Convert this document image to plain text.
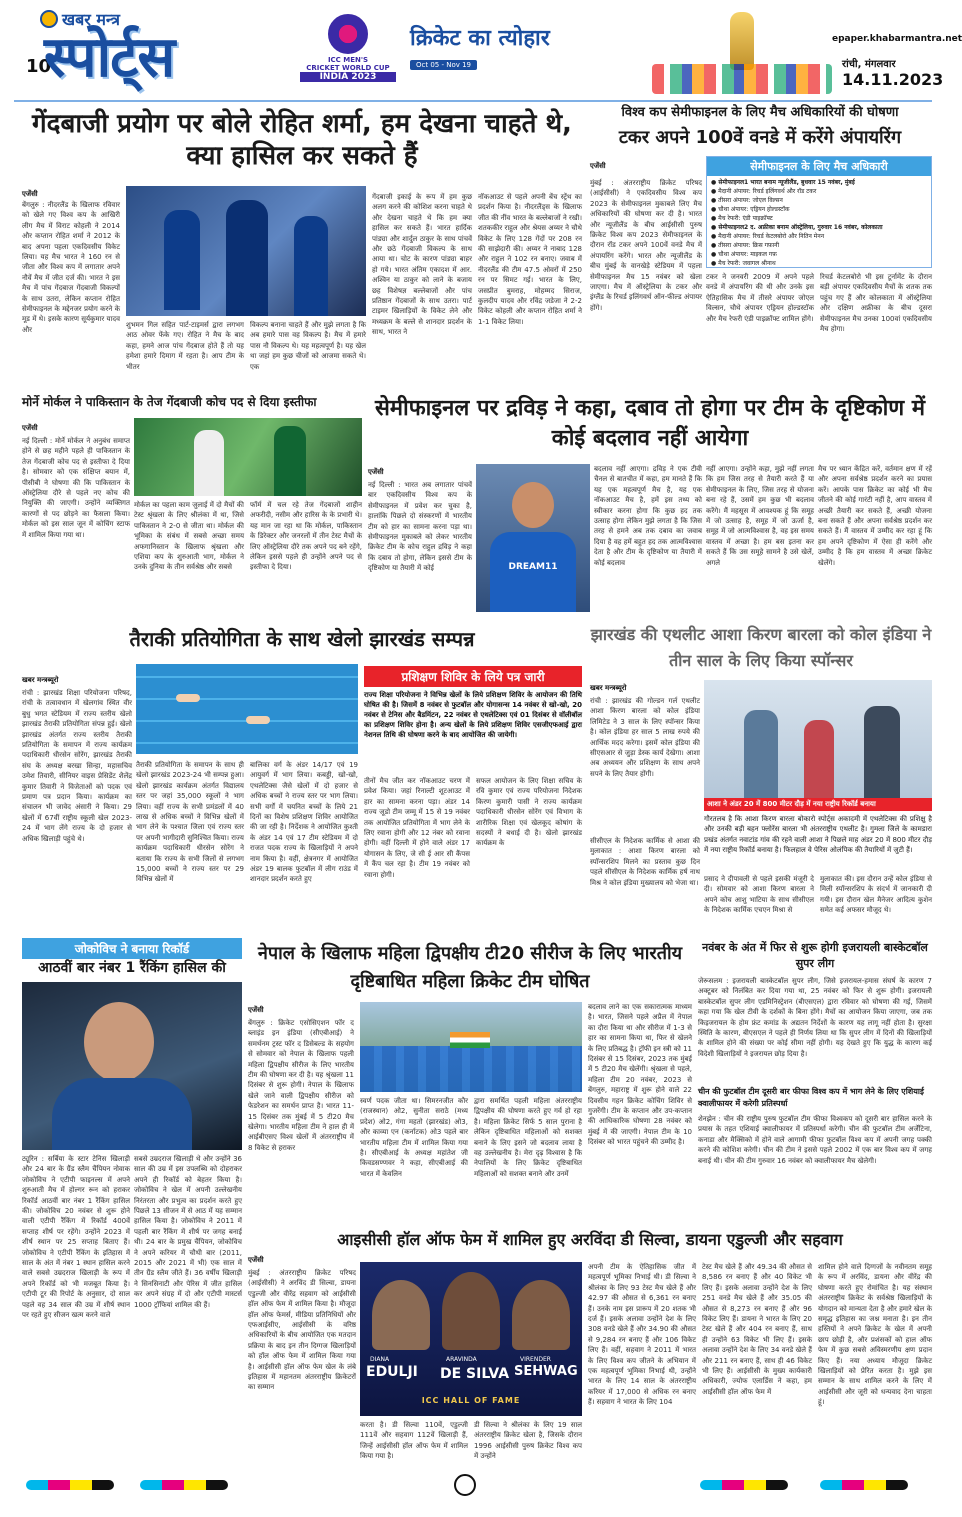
10
खबर मन्त्र
स्पोर्ट्स	ICC MEN'S
CRICKET WORLD CUP
INDIA 2023
क्रिकेट का त्योहार
Oct 05 - Nov 19
epaper.khabarmantra.net
रांची, मंगलवार
14.11.2023
गेंदबाजी प्रयोग पर बोले रोहित शर्मा, हम देखना चाहते थे, क्या हासिल कर सकते हैं
एजेंसी
बेंगलुरु : नीदरलैंड के खिलाफ रविवार को खेले गए विश्व कप के आखिरी लीग मैच में विराट कोहली ने 2014 और कप्तान रोहित शर्मा ने 2012 के बाद अपना पहला एकदिवसीय विकेट लिया। यह मैच भारत ने 160 रन से जीता और विश्व कप में लगातार अपने नौवें मैच में जीत दर्ज की। भारत ने इस मैच में पांच गेंदबाज गेंदबाजी विकल्पों के साथ उतरा, लेकिन कप्तान रोहित सेमीफाइनल के मद्देनजर प्रयोग करने के मूड में थे। इसके कारण सूर्यकुमार यादव और
शुभमन गिल सहित पार्ट-टाइमर्स द्वारा लगभग आठ ओवर फेंके गए। रोहित ने मैच के बाद कहा, हमने आज पांच गेंदबाज होते हैं तो यह हमेशा हमारे दिमाग में रहता है। आप टीम के भीतर
विकल्प बनाना चाहते हैं और मुझे लगता है कि अब हमारे पास वह विकल्प है। मैच में हमारे पास नौ विकल्प थे। यह महत्वपूर्ण है। यह खेल था जहां हम कुछ चीजों को आजमा सकते थे। एक
गेंदबाजी इकाई के रूप में हम कुछ अलग करने की कोशिश करना चाहते थे और देखना चाहते थे कि हम क्या हासिल कर सकते हैं। भारत हार्दिक पांड्या और शार्दुल ठाकुर के साथ पांचवें और छठे गेंदबाजी विकल्प के साथ आया था। चोट के कारण पांड्या बाहर हो गये। भारत अंतिम एकादश में आर. अश्विन या ठाकुर को लाने के बजाय छह विशेषज्ञ बल्लेबाजों और पांच प्रतिष्ठान गेंदबाजों के साथ उतरा। पार्ट टाइमर खिलाड़ियों के विकेट लेने और मध्यक्रम के बल्ले से शानदार प्रदर्शन के साथ, भारत ने
नॉकआउट से पहले अपनी बेंच स्ट्रेंथ का प्रदर्शन किया है। नीदरलैंड्स के खिलाफ जीत की नींव भारत के बल्लेबाजों ने रखी। शतककीर राहुल और श्रेयस अय्यर ने चौथे विकेट के लिए 128 गेंदों पर 208 रन की साझेदारी की। अय्यर ने नाबाद 128 और राहुल ने 102 रन बनाए। जवाब में नीदरलैंड की टीम 47.5 ओवरों में 250 रन पर सिमट गई। भारत के लिए, जसप्रीत बुमराह, मोहम्मद सिराज, कुलदीप यादव और रविंद्र जडेजा ने 2-2 विकेट कोहली और कप्तान रोहित शर्मा ने 1-1 विकेट लिया।
विश्व कप सेमीफाइनल के लिए मैच अधिकारियों की घोषणा
टकर अपने 100वें वनडे में करेंगे अंपायरिंग
एजेंसी
मुंबई : अंतरराष्ट्रीय क्रिकेट परिषद (आईसीसी) ने एकदिवसीय विश्व कप 2023 के सेमीफाइनल मुकाबले लिए मैच अधिकारियों की घोषणा कर दी है। भारत और न्यूजीलैंड के बीच आईसीसी पुरुष क्रिकेट विश्व कप 2023 सेमीफाइनल के दौरान रॉड टकर अपने 100वें वनडे मैच में अंपायरिंग करेंगे। भारत और न्यूजीलैंड के बीच मुंबई के वानखेड़े स्टेडियम में पहला सेमीफाइनल मैच 15 नवंबर को खेला जाएगा। मैच में ऑस्ट्रेलिया के टकर और इंग्लैंड के रिचर्ड इलिंगवर्थ ऑन-फील्ड अंपायर होंगे।
सेमीफाइनल के लिए मैच अधिकारी
● सेमीफाइनल1 भारत बनाम न्यूजीलैंड, बुधवार 15 नवंबर, मुंबई
● मैदानी अंपायर: रिचर्ड इलिंगवर्थ और रॉड टकर
● तीसरा अंपायर: जोएल विल्सन
● चौथा अंपायर: एड्रियन होल्डस्टॉक
● मैच रेफरी: एंडी पाइक्रॉफ्ट
● सेमीफाइनल2 द. अफ्रीका बनाम ऑस्ट्रेलिया, गुरुवार 16 नवंबर, कोलकाता
● मैदानी अंपायर: रिचर्ड केटलबोरो और नितिन मेनन
● तीसरा अंपायर: क्रिस गफ़ानी
● चौथा अंपायर: माइकल गफ़
● मैच रेफरी: जवागल श्रीनाथ
टकर ने जनवरी 2009 में अपने पहले वनडे में अंपायरिंग की थी और उनके इस ऐतिहासिक मैच में तीसरे अंपायर जोएल विल्सन, चौथे अंपायर एड्रियन होल्डस्टॉक और मैच रेफरी एंडी पाइक्रॉफ्ट शामिल होंगे।
रिचर्ड केटलबोरो भी इस टूर्नामेंट के दौरान बड़ी अंपायर एकदिवसीय मैचों के शतक तक पहुंच गए हैं और कोलकाता में ऑस्ट्रेलिया और दक्षिण अफ्रीका के बीच दूसरा सेमीफाइनल मैच उनका 100वां एकदिवसीय मैच होगा।
मोर्ने मोर्कल ने पाकिस्तान के तेज गेंदबाजी कोच पद से दिया इस्तीफा
एजेंसी
नई दिल्ली : मोर्ने मोर्कल ने अनुबंध समाप्त होने से छह महीने पहले ही पाकिस्तान के तेज गेंदबाजी कोच पद से इस्तीफा दे दिया है। सोमवार को एक संक्षिप्त बयान में, पीसीबी ने घोषणा की कि पाकिस्तान के ऑस्ट्रेलिया दौरे से पहले नए कोच की नियुक्ति की जाएगी। उन्होंने व्यक्तिगत कारणों से पद छोड़ने का फैसला किया। मोर्कल को इस साल जून में कोचिंग स्टाफ में शामिल किया गया था।
मोर्कल का पहला काम जुलाई में दो मैचों की टेस्ट श्रृंखला के लिए श्रीलंका में था, जिसे पाकिस्तान ने 2-0 से जीता था। मोर्कल की भूमिका के संबंध में सबसे अच्छा समय अफगानिस्तान के खिलाफ श्रृंखला और एशिया कप के शुरुआती भाग, मोर्कल ने उनके दुनिया के तीन सर्वश्रेष्ठ और सबसे
फॉर्म में चल रहे तेज गेंदबाजों शाहीन अफरीदी, नसीम और हारिस के के प्रभारी थे। यह मान जा रहा था कि मोर्कल, पाकिस्तान के डिरेक्टर और जनरलों में तीन टेस्ट मैचों के लिए ऑस्ट्रेलिया दौरे तक अपने पद बने रहेंगे, लेकिन इससे पहले ही उन्होंने अपने पद से इस्तीफा दे दिया।
सेमीफाइनल पर द्रविड़ ने कहा, दबाव तो होगा पर टीम के दृष्टिकोण में कोई बदलाव नहीं आयेगा
एजेंसी
DREAM11
नई दिल्ली : भारत अब लगातार पांचवें बार एकदिवसीय विश्व कप के सेमीफाइनल में प्रवेश कर चुका है, हालांकि पिछले दो संस्करणों में भारतीय टीम को हार का सामना करना पड़ा था। सेमीफाइनल मुकाबले को लेकर भारतीय क्रिकेट टीम के कोच राहुल द्रविड़ ने कहा कि दबाव तो होगा, लेकिन इससे टीम के दृष्टिकोण या तैयारी में कोई
बदलाव नहीं आएगा। द्रविड़ ने एक टीवी चैनल से बातचीत में कहा, हम मानते हैं कि यह एक महत्वपूर्ण मैच है, यह एक नॉकआउट मैच है, हमें इस तथ्य को स्वीकार करना होगा कि कुछ हद तक उत्साह होगा लेकिन मुझे लगता है कि जिस तरह से हमने अब तक दबाव का जवाब दिया है वह हमें बहुत हद तक आत्मविश्वास देता है और टीम के दृष्टिकोण या तैयारी में कोई बदलाव
नहीं आएगा। उन्होंने कहा, मुझे नहीं लगता कि हम जिस तरह से तैयारी करते हैं या सेमीफाइनल के लिए, जिस तरह से योजना बना रहे हैं, उसमें हम कुछ भी बदलाव करेंगे। मैं महसूस में आवश्यक हूं कि समूह में जो उत्साह है, समूह में जो ऊर्जा है, समूह में जो आत्मविश्वास है, वह इस समय वास्तव में अच्छा है। हम बस इतना कर सकते हैं कि उस समूहे सामने है उसे खेलें, अगले
मैच पर ध्यान केंद्रित करें, वर्तमान क्षण में रहें और अपना सर्वश्रेष्ठ प्रदर्शन करने का प्रयास करें। आपके पास क्रिकेट का कोई भी मैच जीतने की कोई गारंटी नहीं है, आप वास्तव में अच्छी तैयारी कर सकते हैं, अच्छी योजना बना सकते हैं और अपना सर्वश्रेष्ठ प्रदर्शन कर सकते हैं। मैं वास्तव में उम्मीद कर रहा हूं कि हम अपने दृष्टिकोण में ऐसा ही करेंगे और उम्मीद है कि हम वास्तव में अच्छा क्रिकेट खेलेंगे।
तैराकी प्रतियोगिता के साथ खेलो झारखंड सम्पन्न
खबर मन्त्रब्यूरो
रांची : झारखंड शिक्षा परियोजना परिषद, रांची के तत्वावधान में खेलगांव स्थित वीर बुधु भगत स्टेडियम में राज्य स्तरीय खेलो झारखंड तैराकी प्रतियोगिता संपन्न हुई। खेलो झारखंड अंतर्गत राज्य स्तरीय तैराकी प्रतियोगिता के समापन में राज्य कार्यक्रम पदाधिकारी धीरसेन सोरेंग, झारखंड तैराकी संघ के अध्यक्ष बरखा सिन्हा, महासचिव उमेश तिवारी, सीनियर वाइस प्रेसिडेंट शैलेंद्र कुमार तिवारी ने विजेताओं को पदक एवं प्रमाण पत्र प्रदान किया। कार्यक्रम का संचालन भी जावेद अंसारी ने किया। 29 खेलों में 67वीं राष्ट्रीय स्कूली खेल 2023-24 में भाग लेंगे राज्य के दो हजार से अधिक खिलाड़ी पहुंचे थे।
तैराकी प्रतियोगिता के समापन के साथ ही खेलो झारखंड 2023-24 भी सम्पन्न हुआ। खेलो झारखंड कार्यक्रम अंतर्गत विद्यालय स्तर पर जहां 35,000 स्कूलों ने भाग लिया। वहीं राज्य के सभी प्रमंडलों में 40 लाख से अधिक बच्चों ने विभिन्न खेलों में भाग लेने के पश्चात जिला एवं राज्य स्तर पर अपनी भागीदारी सुनिश्चित किया। राज्य कार्यक्रम पदाधिकारी धीरसेन सोरेंग ने बताया कि राज्य के सभी जिलों से लगभग 15,000 बच्चों ने राज्य स्तर पर 29 विभिन्न खेलों में
बालिका वर्ग के अंडर 14/17 एवं 19 आयुवर्ग में भाग लिया। कबड्डी, खो-खो, एथलेटिक्स जैसे खेलों में दो हजार से अधिक बच्चों ने राज्य स्तर पर भाग लिया। सभी वर्गों में चयनित बच्चों के लिये 21 दिनों का विशेष प्रशिक्षण शिविर आयोजित की जा रही है। निर्देशक ने आयोजित कुश्ती के अंडर 14 एवं 17 टीम स्टेडियम में दो राजत पदक राज्य के खिलाड़ियों ने अपने नाम किया है। वहीं, क्षेत्रनगर में आयोजित अंडर 19 बालक फुटबॉल में लीग राउंड में शानदार प्रदर्शन करते हुए
प्रशिक्षण शिविर के लिये पत्र जारी
राज्य शिक्षा परियोजना ने विभिन्न खेलों के लिये प्रशिक्षण शिविर के आयोजन की तिथि घोषित की है। जिसमें 8 नवंबर से फुटबॉल और योगासन्स 14 नवंबर से खो-खो, 20 नवंबर से टेनिस और बैडमिंटन, 22 नवंबर से एथलेटिक्स एवं 01 दिसंबर से वॉलीबॉल का प्रशिक्षण शिविर होना है। अन्य खेलों के लिये प्रशिक्षण शिविर एसजीएफआई द्वारा नेशनल तिथि की घोषणा करने के बाद आयोजित की जायेगी।
तीनों मैच जीत कर नॉकआउट चरण में प्रवेश किया। जहां रिनाल्टी शूटआउट में हार का सामना करना पड़ा। अंडर 14 राज्य जूडो टीम जम्मू में 15 से 19 नवंबर तक आयोजित प्रतियोगिता में भाग लेने के लिए रवाना होगी और 12 नंबर को रवाना होगी। वहीं दिल्ली में होने वाले अंडर 17 योगासन के लिए, जे सी ई आर सी कैंपस में कैंप चल रहा है। टीम 19 नवंबर को रवाना होगी।
सफल आयोजन के लिए शिक्षा सचिव के रवि कुमार एवं राज्य परियोजना निदेशक किरण कुमारी पासी ने राज्य कार्यक्रम पदाधिकारी धीरसेन सोरेंग एवं विभाग के शारीरिक शिक्षा एवं खेलकूद कोषांग के सदस्यों ने बधाई दी है। खेलो झारखंड कार्यक्रम के
झारखंड की एथलीट आशा किरण बारला को कोल इंडिया ने तीन साल के लिए किया स्पॉन्सर
खबर मन्त्रब्यूरो
रांची : झारखंड की गोल्डन गर्ल एथलीट आशा किरण बारला को कोल इंडिया लिमिटेड ने 3 साल के लिए स्पॉन्सर किया है। कोल इंडिया हर साल 5 लाख रुपये की आर्थिक मदद करेगा। इसमें कोल इंडिया की सीएसआर से जुड़ा डेस्क कार्य देखेगा। आशा अब अध्ययन और प्रशिक्षण के साथ अपने सपने के लिए तैयार होंगी।
सीसीएल के निदेशक कार्मिक से आशा की मुलाकात : आशा किरण बारला को स्पॉन्सरशिप मिलने का प्रस्ताव कुछ दिन पहले सीसीएल के निदेशक कार्मिक हर्ष नाथ मिश्र ने कोल इंडिया मुख्यालय को भेजा था।
आशा ने अंडर 20 में 800 मीटर दौड़ में नया राष्ट्रीय रिकॉर्ड बनाया
गौरतलब है कि आशा किरण बारला बोकारो स्पोर्ट्स अकादमी में एथलेटिक्स की प्रशिक्षु है और उनकी बड़ी बहन फ्लोरेंस बारला भी अंतरराष्ट्रीय एथलीट है। गुमला जिले के कामडारा प्रखंड अंतर्गत नवाटांड गांव की रहने वाली आशा ने पिछले माह अंडर 20 में 800 मीटर दौड़ में नया राष्ट्रीय रिकॉर्ड बनाया है। फिलहाल वे पेरिस ओलंपिक की तैयारियों में जुटी हैं।
प्रसाद ने दीपावली से पहले इसकी मंजूरी दे दी। सोमवार को आशा किरण बारला ने अपने कोच आशु भाटिया के साथ सीसीएल के निदेशक कार्मिक एचएन मिश्रा से
मुलाकात की। इस दौरान उन्हें कोल इंडिया से मिली स्पॉन्सरशिप के संदर्भ में जानकारी दी गयी। इस दौरान खेल मैनेजर आदित्य कुशेन समेत कई अफसर मौजूद थे।
जोकोविच ने बनाया रिकॉर्ड
आठवीं बार नंबर 1 रैंकिंग हासिल की
ट्यूरिन : सर्बिया के स्टार टेनिस खिलाड़ी और 24 बार के ग्रैंड स्लैम चैंपियन नोवाक जोकोविच ने एटीपी फाइनल्स में अपने शुरुआती मैच में होल्गर रून को हराकर रिकॉर्ड आठवीं बार नंबर 1 रैंकिंग हासिल की। जोकोविच 20 नवंबर से शुरू होने वाली एटीपी रैंकिंग में रिकॉर्ड 400वें सप्ताह शीर्ष पर रहेंगे। उन्होंने 2023 में शीर्ष स्थान पर 25 सप्ताह बिताए हैं। जोकोविच ने एटीपी रैंकिंग के इतिहास में साल के अंत में नंबर 1 स्थान हासिल करने वाले सबसे उम्रदराज खिलाड़ी के रूप में अपने रिकॉर्ड को भी मजबूत किया है। एटीपी टूर की रिपोर्ट के अनुसार, दो साल पहले वह 34 साल की उम्र में शीर्ष स्थान पर रहते हुए सीजन खत्म करने वाले
सबसे उम्रदराज खिलाड़ी थे और उन्होंने 36 साल की उम्र में इस उपलब्धि को दोहराकर अपने ही रिकॉर्ड को बेहतर किया है। जोकोविच ने खेल में अपनी उल्लेखनीय निरंतरता और प्रभुत्व का प्रदर्शन करते हुए पिछले 13 सीजन में से आठ में यह सम्मान हासिल किया है। जोकोविच ने 2011 में पहली बार रैंकिंग में शीर्ष पर जगह बनाई थी। 24 बार के प्रमुख चैंपियन, जोकोविच ने अपने करियर में चौथी बार (2011, 2015 और 2021 में भी) एक साल में तीन ग्रैंड स्लैम जीते हैं। 36 वर्षीय खिलाड़ी ने सिनसिनाटी और पेरिस में जीत हासिल कर अपने संग्रह में दो और एटीपी मास्टर्स 1000 ट्रॉफियां शामिल की हैं।
नेपाल के खिलाफ महिला द्विपक्षीय टी20 सीरीज के लिए भारतीय दृष्टिबाधित महिला क्रिकेट टीम घोषित
एजेंसी
बेंगलुरु : क्रिकेट एसोसिएशन फॉर द ब्लाइंड इन इंडिया (सीएबीआई) ने समर्थनम ट्रस्ट फॉर द डिसेबल्ड के सहयोग से सोमवार को नेपाल के खिलाफ पहली महिला द्विपक्षीय सीरीज के लिए भारतीय टीम की घोषणा कर दी है। यह श्रृंखला 11 दिसंबर से शुरू होगी। नेपाल के खिलाफ खेले जाने वाली द्विपक्षीय सीरीज को फेडरेशन का समर्थन प्राप्त है। भारत 11-15 दिसंबर तक मुंबई में 5 टी20 मैच खेलेगा। भारतीय महिला टीम ने हाल ही में आईबीएसए विश्व खेलों में अंतरराष्ट्रीय में 8 विकेट से हराकर
स्वर्ण पदक जीता था। सिमरनजीत कौर (राजस्थान) ओ2, सुनीता सराठे (मध्य प्रदेश) ओ2, गंगा महतो (झारखंड) ओ3, और काव्या एन (कर्नाटक) ओ3 पहले बार भारतीय महिला टीम में शामिल किया गया है। सीएबीआई के अध्यक्ष महांतेश जी किवडसण्णवर ने कहा, सीएबीआई की भारत में केवलिन
द्वारा समर्थित पहली महिला अंतरराष्ट्रीय द्विपक्षीय की घोषणा करते हुए गर्व हो रहा है। महिला क्रिकेट सिर्फ 5 साल पुराना है लेकिन दृष्टिबाधित महिलाओं को सशक्त बनाने के लिए इसने जो बदलाव लाया है वह उल्लेखनीय है। मेरा दृढ़ विश्वास है कि नेपालियों के लिए क्रिकेट दृष्टिबाधित महिलाओं को सशक्त बनाने और उनमें
बदलाव लाने का एक सकारात्मक माध्यम है। भारत, जिसने पहले अप्रैल में नेपाल का दौरा किया था और सीरीज में 1-3 से हार का सामना किया था, फिर से खेलने के लिए प्रतिबद्ध है। ट्रॉफी इन स्त्री को 11 दिसंबर से 15 दिसंबर, 2023 तक मुंबई में 5 टी20 मैच खेलेंगी। श्रृंखला से पहले, महिला टीम 20 नवंबर, 2023 से बेंगलुरु, महाराष्ट्र में शुरू होने वाले 22 दिवसीय गहन क्रिकेट कोचिंग शिविर से गुजरेंगी। टीम के कप्तान और उप-कप्तान की आधिकारिक घोषणा 28 नवंबर को मुंबई में की जाएगी। नेपाल टीम के 10 दिसंबर को भारत पहुंचने की उम्मीद है।
नवंबर के अंत में फिर से शुरू होगी इजरायली बास्केटबॉल सुपर लीग
जेरूसलम : इजरायली बास्केटबॉल सुपर लीग, जिसे इजरायल-हमास संघर्ष के कारण 7 अक्टूबर को निलंबित कर दिया गया था, 25 नवंबर को फिर से शुरू होगी। इजरायली बास्केटबॉल सुपर लीग एडमिनिस्ट्रेशन (बीएसएल) द्वारा रविवार को घोषणा की गई, जिसमें कहा गया कि खेल टीवी के दर्शकों के बिना होंगे। मैचों का आयोजन किया जाएगा, जब तक किइजरायल के होम फ्रंट कमांड के अद्यतन निर्देशों के कारण यह लागू नहीं होता है। सुरक्षा स्थिति के कारण, बीएसएल ने पहले ही निर्णय लिया था कि सुपर लीग में दिनों की खिलाड़ियों के शामिल होने की संख्या पर कोई सीमा नहीं होगी। यह देखते हुए कि युद्ध के कारण कई विदेशी खिलाड़ियों ने इजरायल छोड़ दिया है।
चीन की फुटबॉल टीम दूसरी बार फीफा विश्व कप में भाग लेने के लिए एशियाई क्वालीफायर में करेगी प्रतिस्पर्धा
शेनझेन : चीन की राष्ट्रीय पुरुष फुटबॉल टीम फीफा विश्वकप को दूसरी बार हासिल करने के प्रयास के तहत एशियाई क्वालीफायर में प्रतिस्पर्धा करेगी। चीन की फुटबॉल टीम अर्जेंटिना, कनाडा और मैक्सिको में होने वाले आगामी फीफा फुटबॉल विश्व कप में अपनी जगह पक्की करने की कोशिश करेगी। चीन की टीम ने इससे पहले 2002 में एक बार विश्व कप में जगह बनाई थी। चीन की टीम गुरुवार 16 नवंबर को क्वालीफायर मैच खेलेगी।
आइसीसी हॉल ऑफ फेम में शामिल हुए अरविंदा डी सिल्वा, डायना एडुल्जी और सहवाग
एजेंसी
मुंबई : अंतरराष्ट्रीय क्रिकेट परिषद (आईसीसी) ने अरविंद डी सिल्वा, डायना एडुल्जी और वीरेंद्र सहवाग को आईसीसी हॉल ऑफ फेम में शामिल किया है। मौजूदा हॉल ऑफ फेमर्स, मीडिया प्रतिनिधियों और एफआईसीए, आईसीसी के वरिष्ठ अधिकारियों के बीच आयोजित एक मतदान प्रक्रिया के बाद इन तीन दिग्गज खिलाड़ियों को हॉल ऑफ फेम में शामिल किया गया है। आईसीसी हॉल ऑफ फेम खेल के लंबे इतिहास में महानतम अंतरराष्ट्रीय क्रिकेटरों का सम्मान
DIANA
EDULJI
ARAVINDA
DE SILVA
VIRENDER
SEHWAG
ICC HALL OF FAME
करता है। डी सिल्वा 110वें, एडुल्जी 111वें और सहवाग 112वें खिलाड़ी हैं, जिन्हें आईसीसी हॉल ऑफ फेम में शामिल किया गया है।
डी सिल्वा ने श्रीलंका के लिए 19 साल अंतरराष्ट्रीय क्रिकेट खेला है, जिसके दौरान 1996 आईसीसी पुरुष क्रिकेट विश्व कप में उन्होंने
अपनी टीम के ऐतिहासिक जीत में महत्वपूर्ण भूमिका निभाई थी। डी सिल्वा ने श्रीलंका के लिए 93 टेस्ट मैच खेले हैं और 42.97 की औसत से 6,361 रन बनाए हैं। उनके नाम इस प्रारूप में 20 शतक भी दर्ज हैं। इसके अलावा उन्होंने देश के लिए 308 वनडे खेले हैं और 34.90 की औसत से 9,284 रन बनाए हैं और 106 विकेट लिए हैं। वहीं, सहवाग ने 2011 में भारत के लिए विश्व कप जीतने के अभियान में एक महत्वपूर्ण भूमिका निभाई थी, उन्होंने भारत के लिए 14 साल के अंतरराष्ट्रीय करियर में 17,000 से अधिक रन बनाए हैं। सहवाग ने भारत के लिए 104
टेस्ट मैच खेले हैं और 49.34 की औसत से 8,586 रन बनाए हैं और 40 विकेट भी लिए हैं। इसके अलावा उन्होंने देश के लिए 251 वनडे मैच खेले हैं और 35.05 की औसत से 8,273 रन बनाए हैं और 96 विकेट लिए हैं। डायना ने भारत के लिए 20 टेस्ट खेले हैं और 404 रन बनाए हैं, साथ ही उन्होंने 63 विकेट भी लिए हैं। इसके अलावा उन्होंने देश के लिए 34 वनडे खेले हैं और 211 रन बनाए हैं, साथ ही 46 विकेट भी लिए हैं। आईसीसी के मुख्य कार्यकारी अधिकारी, ज्योफ एलार्डिस ने कहा, हम आईसीसी हॉल ऑफ फेम में
शामिल होने वाले दिग्गजों के नवीनतम समूह के रूप में अरविंद, डायना और वीरेंद्र की घोषणा करते हुए रोमांचित है। यह संस्थान अंतरराष्ट्रीय क्रिकेट के सर्वश्रेष्ठ खिलाड़ियों के योगदान को मान्यता देता है और हमारे खेल के समृद्ध इतिहास का जश्न मनाता है। इन तीन हस्तियों ने अपने क्रिकेट के खेल में अपनी छाप छोड़ी है, और प्रशंसकों को हाल ऑफ फेम में कुछ सबसे अविस्मरणीय क्षण प्रदान किए हैं। नया अध्याय मौजूदा क्रिकेट खिलाड़ियों को प्रेरित करता है। मुझे इस सम्मान के साथ शामिल करने के लिए में आईसीसी और जूरी को धन्यवाद देना चाहता हूं।
